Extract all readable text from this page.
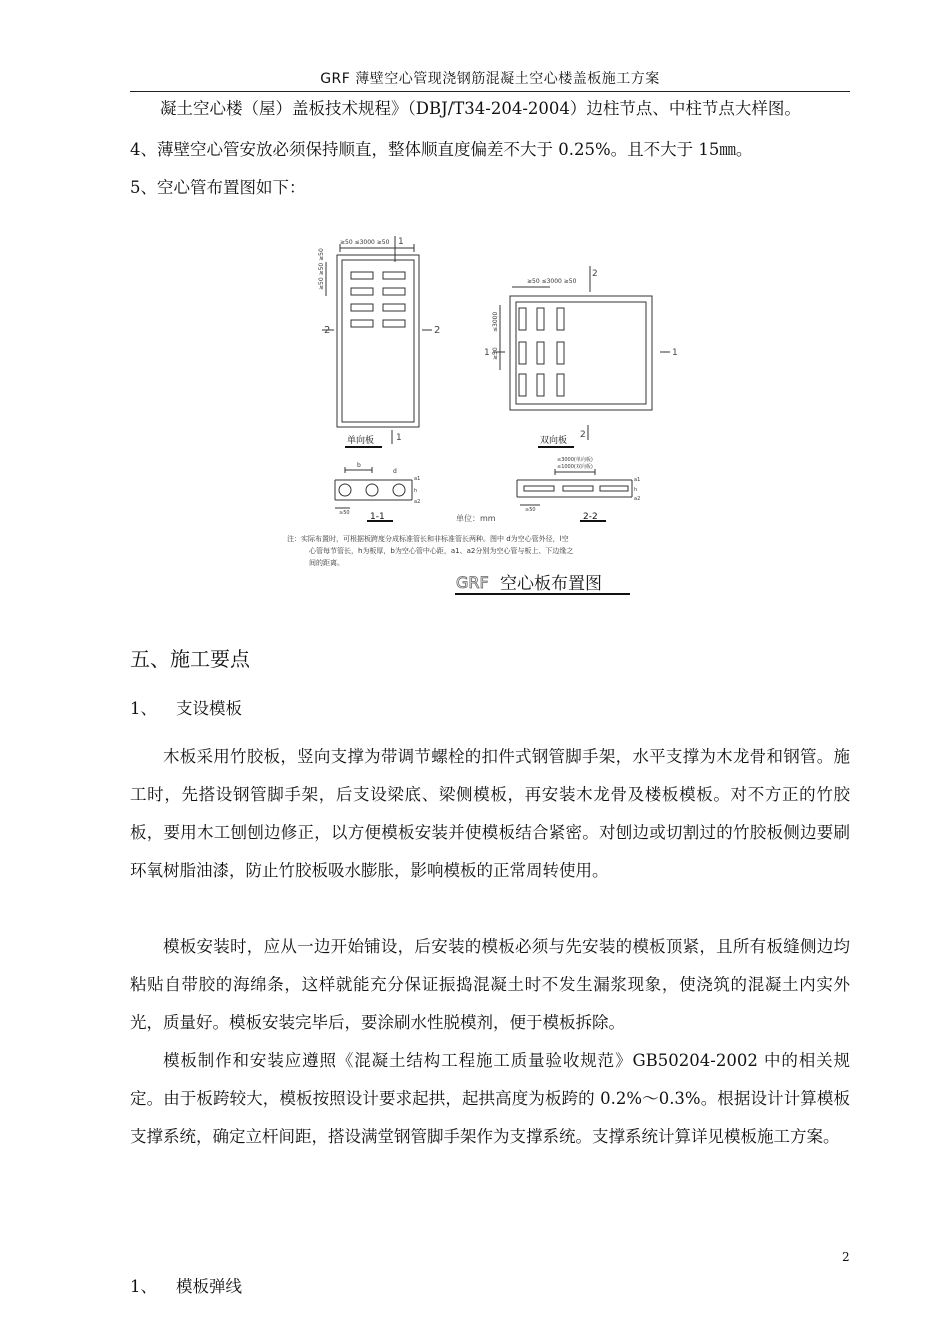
GRF 薄壁空心管现浇钢筋混凝土空心楼盖板施工方案
凝土空心楼（屋）盖板技术规程》（DBJ/T34-204-2004）边柱节点、中柱节点大样图。
4、薄壁空心管安放必须保持顺直，整体顺直度偏差不大于 0.25%。且不大于 15㎜。
5、空心管布置图如下：
≥50 ≤3000 ≥50
≥50 ≤3000 ≥50
1
2
2	2
1	1
1	2
≥50 ≥50 ≥50
≤3000
≥50
单向板	双向板
b
d
a1
h
a2
≥50
≤3000(单向板)
≤1000(双向板)
a1
h
a2
≥50
1-1	2-2
单位：mm
注：实际布置时，可根据板跨度分成标准管长和非标准管长两种。图中 d为空心管外径，l空
心管每节管长，h为板厚，b为空心管中心距，a1、a2分别为空心管与板上、下边缘之
间的距离。
GRF 空心板布置图
五、施工要点
1、 支设模板

木板采用竹胶板，竖向支撑为带调节螺栓的扣件式钢管脚手架，水平支撑为木龙骨和钢管。施工时，先搭设钢管脚手架，后支设梁底、梁侧模板，再安装木龙骨及楼板模板。对不方正的竹胶板，要用木工刨刨边修正，以方便模板安装并使模板结合紧密。对刨边或切割过的竹胶板侧边要刷环氧树脂油漆，防止竹胶板吸水膨胀，影响模板的正常周转使用。

模板安装时，应从一边开始铺设，后安装的模板必须与先安装的模板顶紧，且所有板缝侧边均粘贴自带胶的海绵条，这样就能充分保证振捣混凝土时不发生漏浆现象，使浇筑的混凝土内实外光，质量好。模板安装完毕后，要涂刷水性脱模剂，便于模板拆除。

模板制作和安装应遵照《混凝土结构工程施工质量验收规范》GB50204-2002 中的相关规定。由于板跨较大，模板按照设计要求起拱，起拱高度为板跨的 0.2%～0.3%。根据设计计算模板支撑系统，确定立杆间距，搭设满堂钢管脚手架作为支撑系统。支撑系统计算详见模板施工方案。

2
1、 模板弹线
